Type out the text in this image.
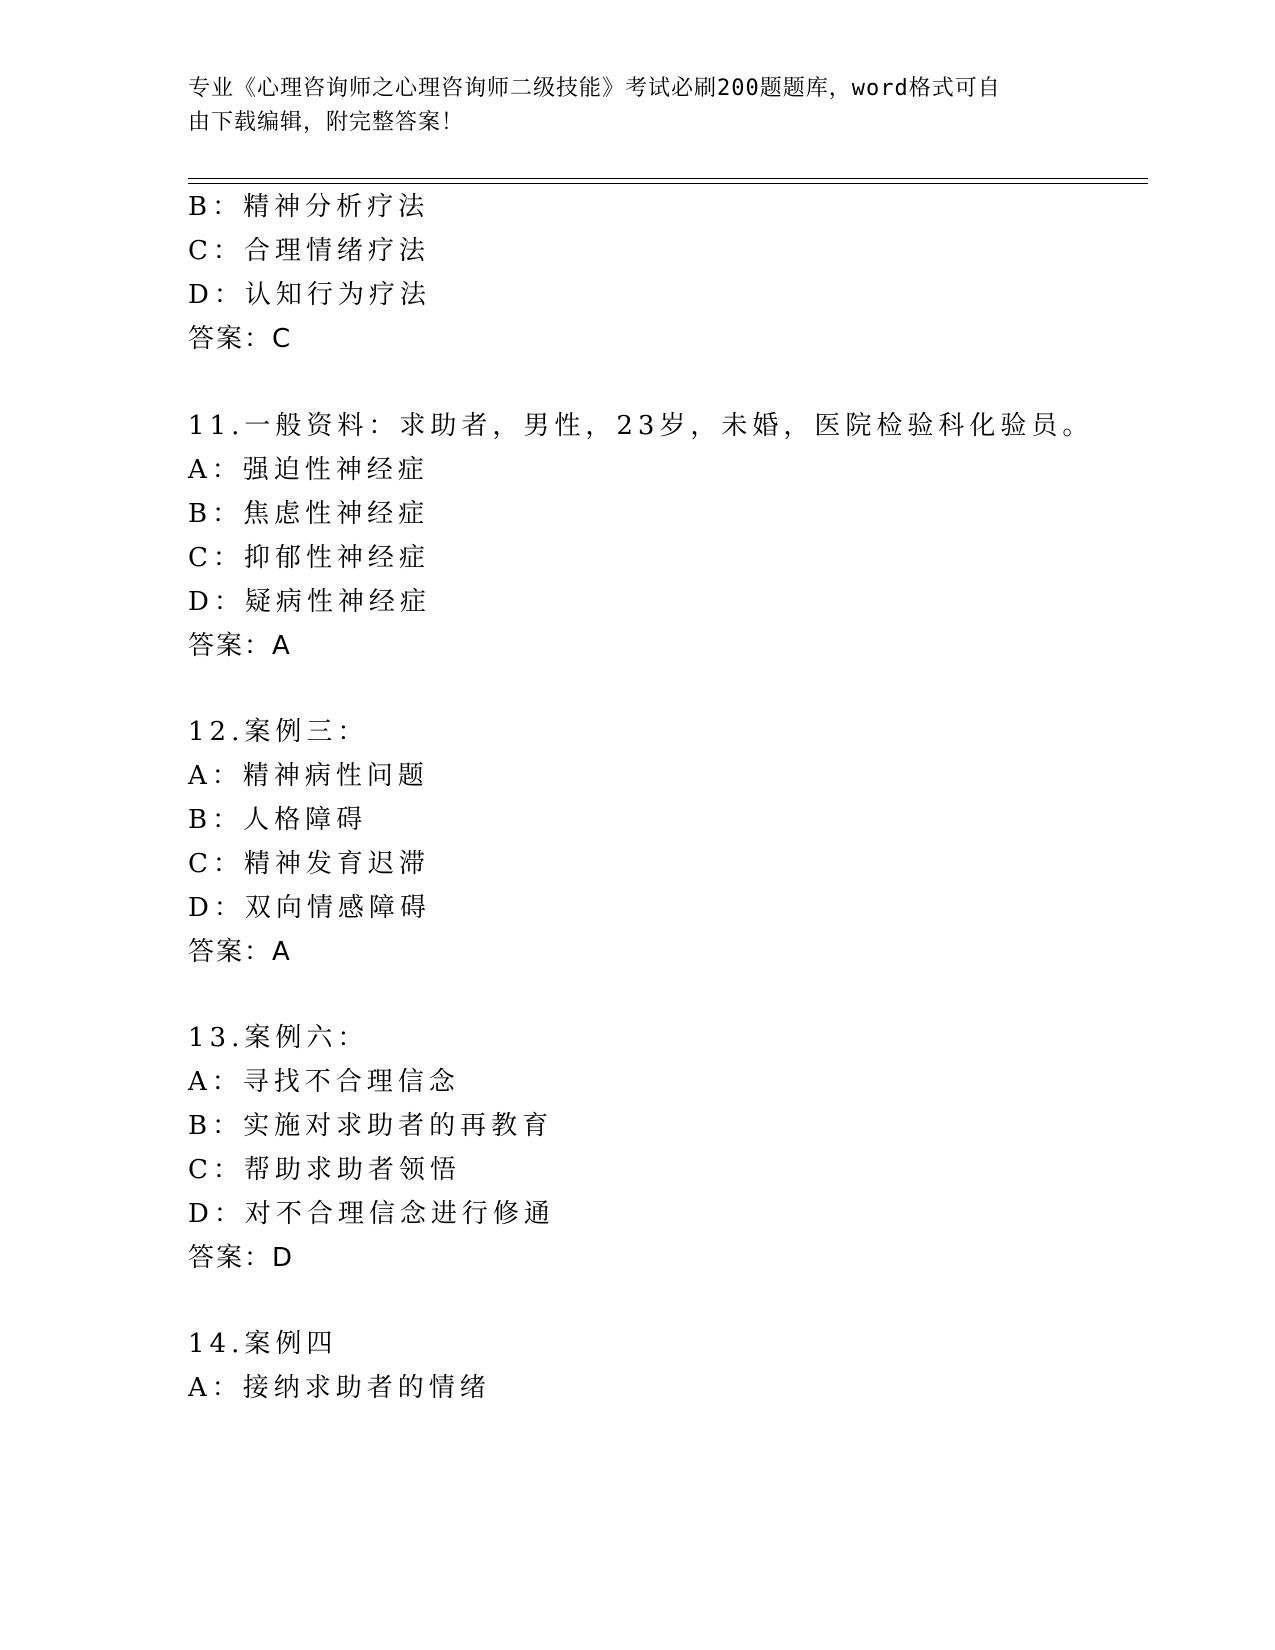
专业《心理咨询师之心理咨询师二级技能》考试必刷200题题库，word格式可自
由下载编辑，附完整答案！
B：精神分析疗法
C：合理情绪疗法
D：认知行为疗法
答案：C
11.一般资料：求助者，男性，23岁，未婚，医院检验科化验员。
A：强迫性神经症
B：焦虑性神经症
C：抑郁性神经症
D：疑病性神经症
答案：A
12.案例三：
A：精神病性问题
B：人格障碍
C：精神发育迟滞
D：双向情感障碍
答案：A
13.案例六：
A：寻找不合理信念
B：实施对求助者的再教育
C：帮助求助者领悟
D：对不合理信念进行修通
答案：D
14.案例四
A：接纳求助者的情绪
